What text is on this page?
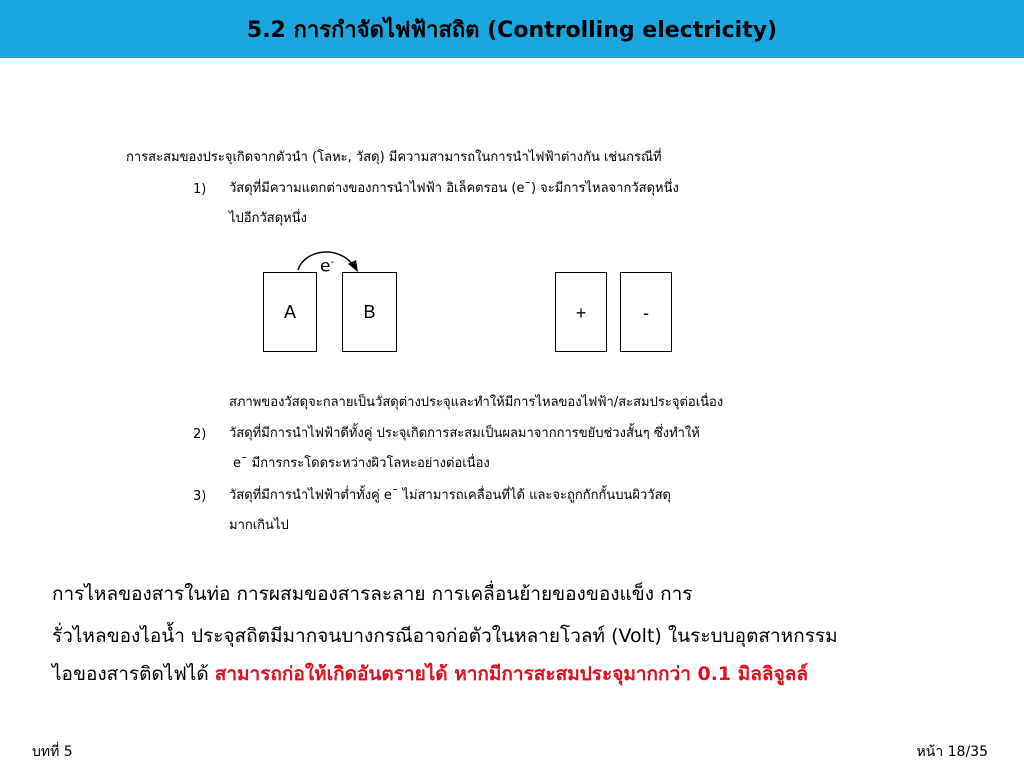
5.2 การกำจัดไฟฟ้าสถิต (Controlling electricity)
การสะสมของประจุเกิดจากตัวนำ (โลหะ, วัสดุ) มีความสามารถในการนำไฟฟ้าต่างกัน เช่นกรณีที่
1) วัสดุที่มีความแตกต่างของการนำไฟฟ้า อิเล็คตรอน (e¯) จะมีการไหลจากวัสดุหนึ่ง
ไปอีกวัสดุหนึ่ง
e-
A	B	+	-
สภาพของวัสดุจะกลายเป็นวัสดุต่างประจุและทำให้มีการไหลของไฟฟ้า/สะสมประจุต่อเนื่อง
2) วัสดุที่มีการนำไฟฟ้าดีทั้งคู่ ประจุเกิดการสะสมเป็นผลมาจากการขยับช่วงสั้นๆ ซึ่งทำให้
e¯ มีการกระโดดระหว่างผิวโลหะอย่างต่อเนื่อง
3) วัสดุที่มีการนำไฟฟ้าต่ำทั้งคู่ e¯ ไม่สามารถเคลื่อนที่ได้ และจะถูกกักกั้นบนผิววัสดุ
มากเกินไป
การไหลของสารในท่อ การผสมของสารละลาย การเคลื่อนย้ายของของแข็ง การ
รั่วไหลของไอน้ำ ประจุสถิตมีมากจนบางกรณีอาจก่อตัวในหลายโวลท์ (Volt) ในระบบอุตสาหกรรม
ไอของสารติดไฟได้ สามารถก่อให้เกิดอันตรายได้ หากมีการสะสมประจุมากกว่า 0.1 มิลลิจูลล์
บทที่ 5	หน้า 18/35
